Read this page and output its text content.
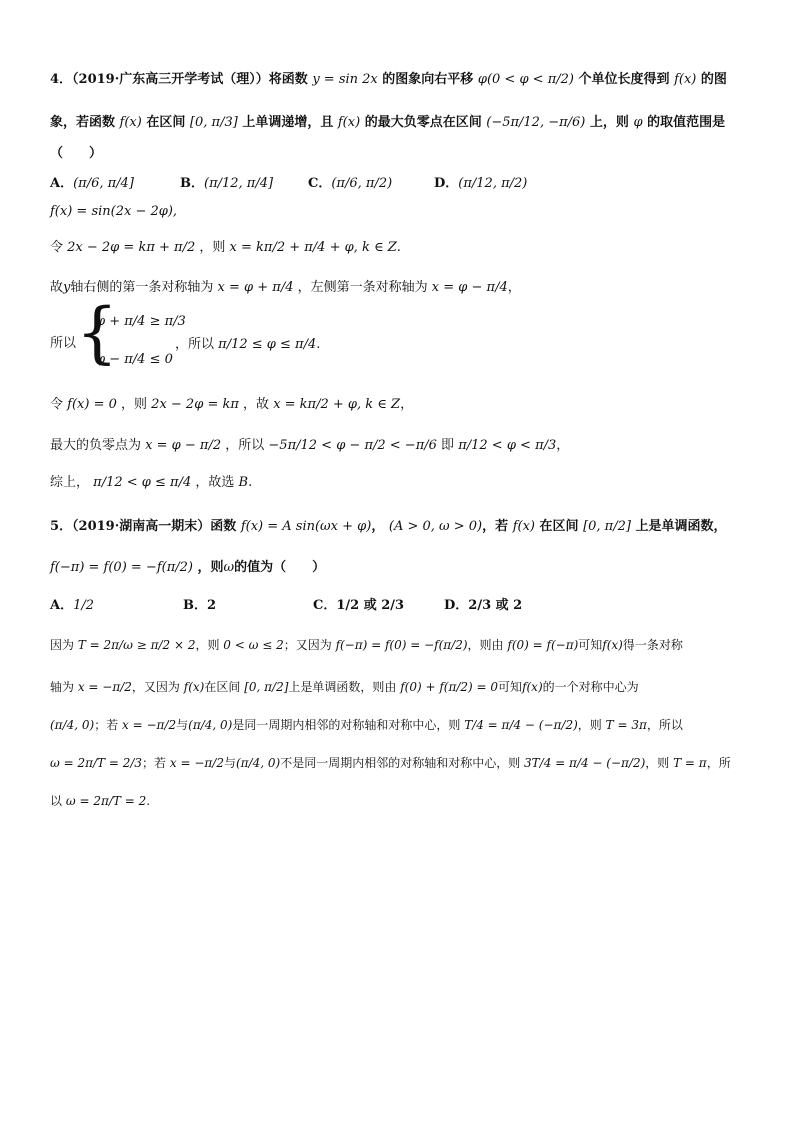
4．（2019·广东高三开学考试（理））将函数 y = sin 2x 的图象向右平移 φ(0 < φ < π/2) 个单位长度得到 f(x) 的图
象，若函数 f(x) 在区间 [0, π/3] 上单调递增，且 f(x) 的最大负零点在区间 (−5π/12, −π/6) 上，则 φ 的取值范围是
（　　）
A．(π/6, π/4]	B．(π/12, π/4]	C．(π/6, π/2)	D．(π/12, π/2)
f(x) = sin(2x − 2φ),
令 2x − 2φ = kπ + π/2 ，则 x = kπ/2 + π/4 + φ, k ∈ Z.
故y轴右侧的第一条对称轴为 x = φ + π/4 ，左侧第一条对称轴为 x = φ − π/4，
所以 {
φ + π/4 ≥ π/3
φ − π/4 ≤ 0
，所以 π/12 ≤ φ ≤ π/4.
令 f(x) = 0 ，则 2x − 2φ = kπ ，故 x = kπ/2 + φ, k ∈ Z，
最大的负零点为 x = φ − π/2 ，所以 −5π/12 < φ − π/2 < −π/6 即 π/12 < φ < π/3，
综上， π/12 < φ ≤ π/4 ，故选 B.
5．（2019·湖南高一期末）函数 f(x) = A sin(ωx + φ)， (A > 0, ω > 0)，若 f(x) 在区间 [0, π/2] 上是单调函数，
f(−π) = f(0) = −f(π/2) ，则ω的值为（　　）
A．1/2	B．2	C．1/2 或 2/3	D．2/3 或 2
因为 T = 2π/ω ≥ π/2 × 2，则 0 < ω ≤ 2；又因为 f(−π) = f(0) = −f(π/2)，则由 f(0) = f(−π)可知f(x)得一条对称
轴为 x = −π/2，又因为 f(x)在区间 [0, π/2]上是单调函数，则由 f(0) + f(π/2) = 0可知f(x)的一个对称中心为
(π/4, 0)；若 x = −π/2与(π/4, 0)是同一周期内相邻的对称轴和对称中心，则 T/4 = π/4 − (−π/2)，则 T = 3π，所以
ω = 2π/T = 2/3；若 x = −π/2与(π/4, 0)不是同一周期内相邻的对称轴和对称中心，则 3T/4 = π/4 − (−π/2)，则 T = π，所
以 ω = 2π/T = 2.
